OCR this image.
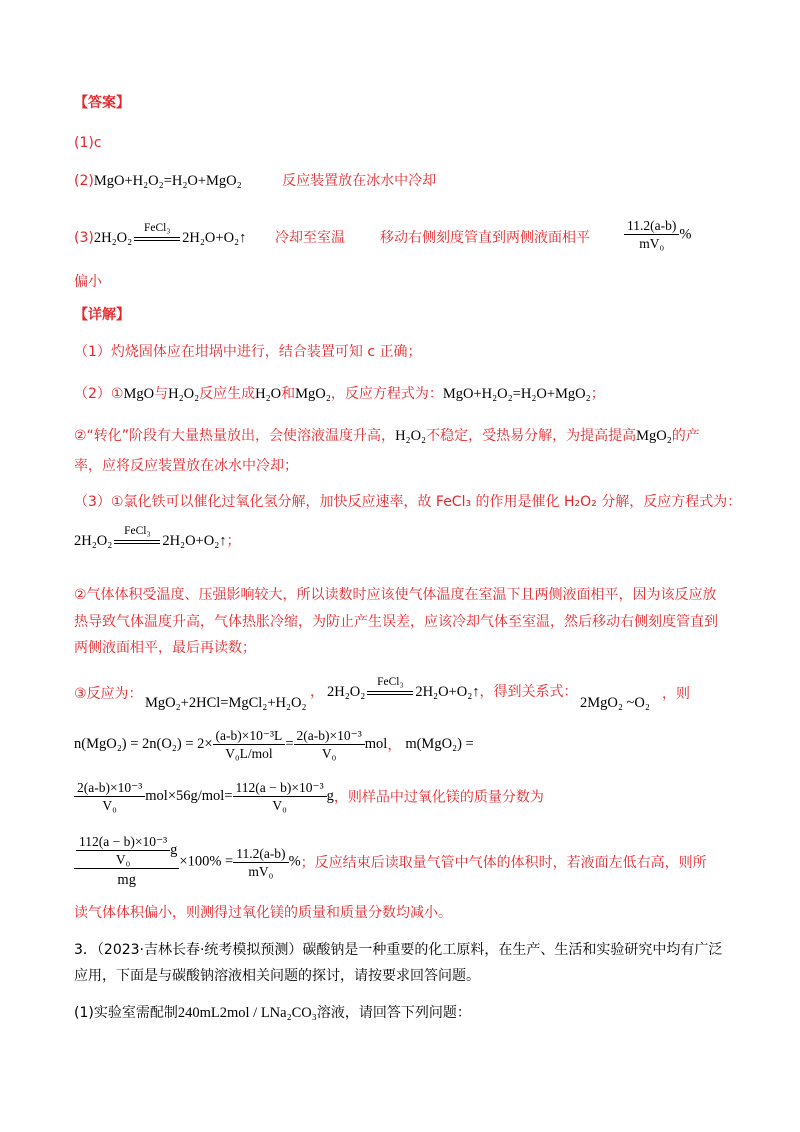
【答案】
(1)c
(2)MgO+H₂O₂=H₂O+MgO₂	反应装置放在冰水中冷却
(3)2H₂O₂
FeCl₃
2H₂O+O₂↑ 冷却至室温	移动右侧刻度管直到两侧液面相平	$\frac{11.2(a-b)}{\text{mV₀}}$ %
偏小
【详解】
（1）灼烧固体应在坩埚中进行，结合装置可知 c 正确；
（2）①MgO与H₂O₂反应生成H₂O和MgO₂，反应方程式为：MgO+H₂O₂=H₂O+MgO₂；
②“转化”阶段有大量热量放出，会使溶液温度升高，H₂O₂不稳定，受热易分解，为提高提高MgO₂的产
率，应将反应装置放在冰水中冷却；
（3）①氯化铁可以催化过氧化氢分解，加快反应速率，故 FeCl₃ 的作用是催化 H₂O₂ 分解，反应方程式为：
2H₂O₂
FeCl₃
2H₂O+O₂↑；
②气体体积受温度、压强影响较大，所以读数时应该使气体温度在室温下且两侧液面相平，因为该反应放
热导致气体温度升高，气体热胀冷缩，为防止产生误差，应该冷却气体至室温，然后移动右侧刻度管直到
两侧液面相平，最后再读数；
③反应为：
MgO₂+2HCl=MgCl₂+H₂O₂
， 2H₂O₂
FeCl₃
2H₂O+O₂↑，得到关系式：
2MgO₂ ~O₂
，则
$n(MgO_2) = 2n(O_2) = 2\times \frac{\text{(a-b)×10⁻³L}}{\text{V₀L/mol}} = \frac{\text{2(a-b)×10⁻³}}{\text{V₀}}$ mol， m(MgO₂) =
$\frac{\text{2(a-b)×10⁻³}}{\text{V₀}} mol\times 56g/mol= \frac{\text{112(a − b)×10⁻³}}{\text{V₀}}$ g，则样品中过氧化镁的质量分数为
$\frac{\frac{\text{112(a − b)×10⁻³}}{\text{V₀}} g}{mg} \times 100\% = \frac{11.2(a-b)}{\text{mV₀}}$ %；反应结束后读取量气管中气体的体积时，若液面左低右高，则所
读气体体积偏小，则测得过氧化镁的质量和质量分数均减小。
3．（2023·吉林长春·统考模拟预测）碳酸钠是一种重要的化工原料，在生产、生活和实验研究中均有广泛
应用，下面是与碳酸钠溶液相关问题的探讨，请按要求回答问题。
(1)实验室需配制240mL2mol / LNa₂CO₃溶液，请回答下列问题：
